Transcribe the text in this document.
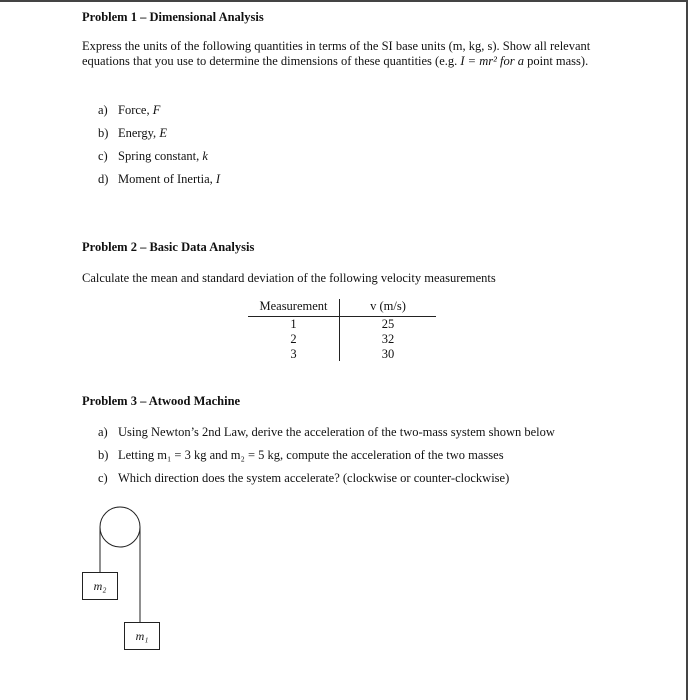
Problem 1 – Dimensional Analysis
Express the units of the following quantities in terms of the SI base units (m, kg, s). Show all relevant equations that you use to determine the dimensions of these quantities (e.g. I = mr² for a point mass).
a) Force, F
b) Energy, E
c) Spring constant, k
d) Moment of Inertia, I
Problem 2 – Basic Data Analysis
Calculate the mean and standard deviation of the following velocity measurements
Measurement	v (m/s)
1	25
2	32
3	30
Problem 3 – Atwood Machine
a) Using Newton’s 2nd Law, derive the acceleration of the two-mass system shown below
b) Letting m₁ = 3 kg and m₂ = 5 kg, compute the acceleration of the two masses
c) Which direction does the system accelerate? (clockwise or counter-clockwise)
m₂
m₁
